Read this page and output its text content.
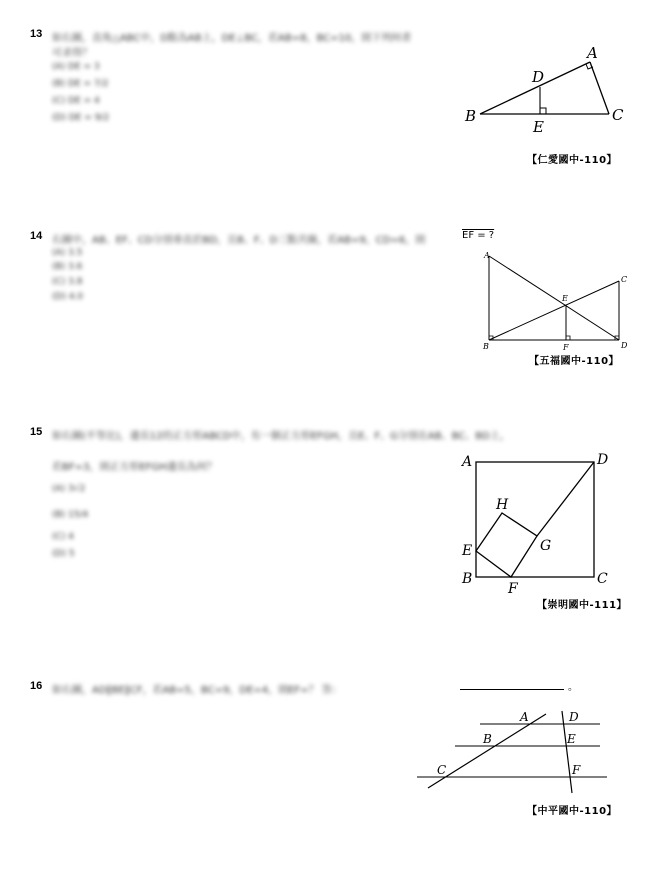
13 如右圖，直角△ABC中，D點為AB上，DE⊥BC，若AB=8，BC=10，則下列何者
可求得？
(A) DE = 3
(B) DE = 7/2
(C) DE = 4
(D) DE = 9/2
A
B	C
D
E
【仁愛國中-110】
14 右圖中，AB、EF、CD分別垂直於BD，且B、F、D三點共線，若AB=9，CD=6，則	EF = ?
(A) 3.5
(B) 3.6
(C) 3.8
(D) 4.0
A
B
C
D
E
F
【五福國中-110】
15 如右圖(不等比)，邊長12的正方形ABCD中，有一個正方形EFGH，且E、F、G分別在AB、BC、BD上，
若BF=3，則正方形EFGH邊長為何？
(A) 3√2
(B) 15/4
(C) 4
(D) 5
A
B	C
D
E
F
G
H
【崇明國中-111】
16 如右圖，AD∥BE∥CF，若AB=5，BC=9，DE=4，則EF=？ 答：	。
A
B
C
D
E
F
【中平國中-110】
